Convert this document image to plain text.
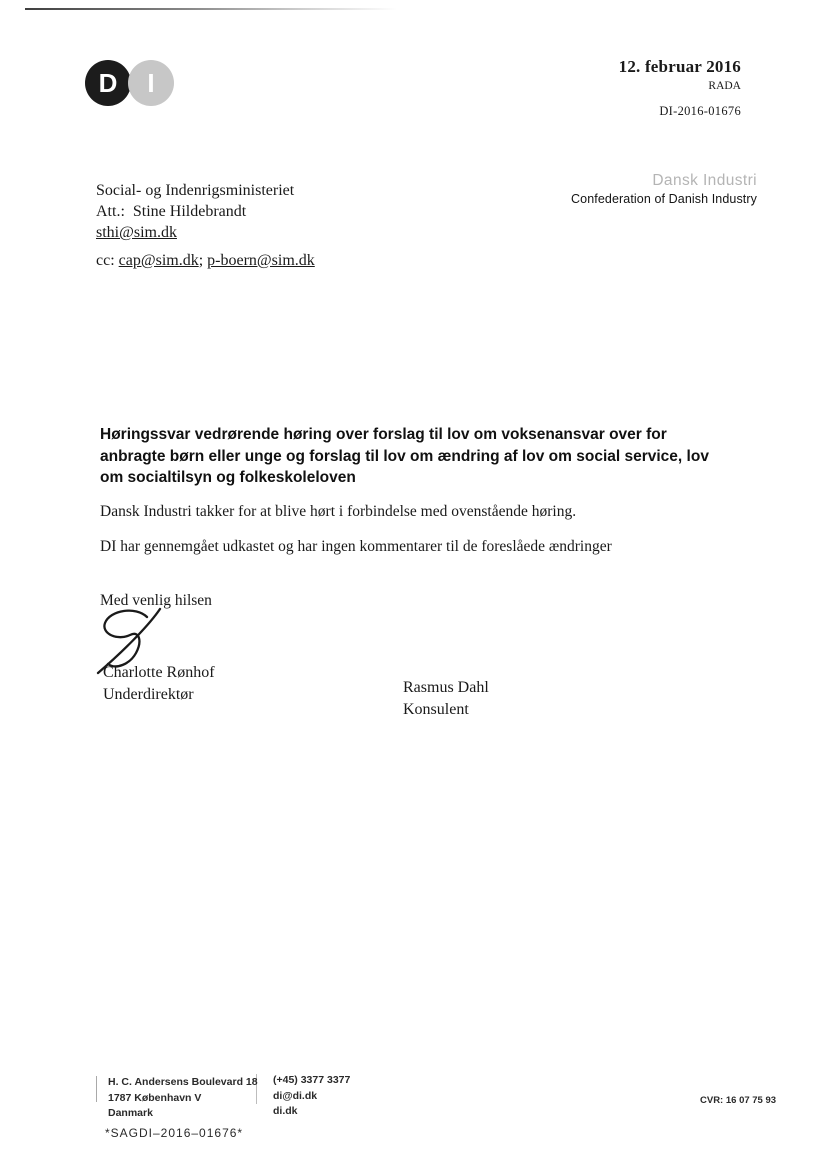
D I
12. februar 2016
RADA
DI-2016-01676
Social- og Indenrigsministeriet
Att.:  Stine Hildebrandt
sthi@sim.dk
cc: cap@sim.dk; p-boern@sim.dk
Dansk Industri
Confederation of Danish Industry
Høringssvar vedrørende høring over forslag til lov om voksenansvar over for anbragte børn eller unge og forslag til lov om ændring af lov om social service, lov om socialtilsyn og folkeskoleloven
Dansk Industri takker for at blive hørt i forbindelse med ovenstående høring.
DI har gennemgået udkastet og har ingen kommentarer til de foreslåede ændringer
Med venlig hilsen
Charlotte Rønhof
Underdirektør	Rasmus Dahl
Konsulent
H. C. Andersens Boulevard 18
1787 København V
Danmark
(+45) 3377 3377
di@di.dk
di.dk
CVR: 16 07 75 93
*SAGDI–2016–01676*
